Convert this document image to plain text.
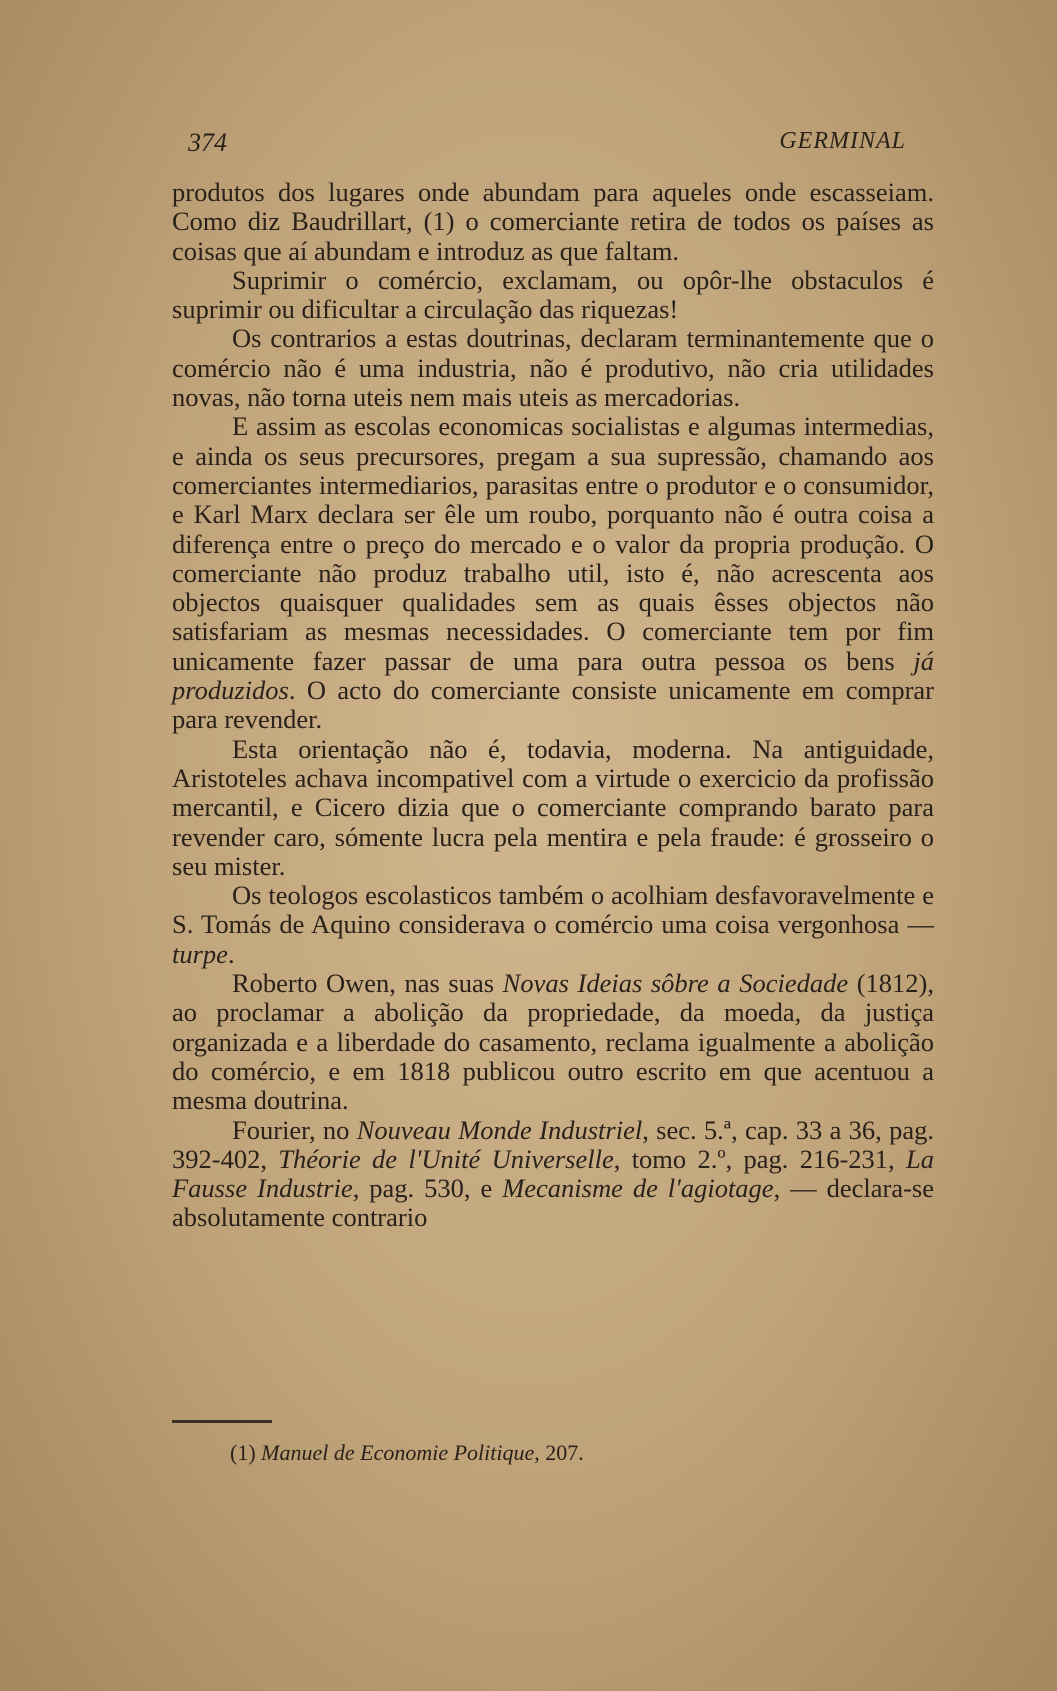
374	GERMINAL

produtos dos lugares onde abundam para aqueles onde escasseiam. Como diz Baudrillart, (1) o comerciante retira de todos os países as coisas que aí abundam e introduz as que faltam.

Suprimir o comércio, exclamam, ou opôr-lhe obstaculos é suprimir ou dificultar a circulação das riquezas!

Os contrarios a estas doutrinas, declaram terminantemente que o comércio não é uma industria, não é produtivo, não cria utilidades novas, não torna uteis nem mais uteis as mercadorias.

E assim as escolas economicas socialistas e algumas intermedias, e ainda os seus precursores, pregam a sua supressão, chamando aos comerciantes intermediarios, parasitas entre o produtor e o consumidor, e Karl Marx declara ser êle um roubo, porquanto não é outra coisa a diferença entre o preço do mercado e o valor da propria produção. O comerciante não produz trabalho util, isto é, não acrescenta aos objectos quaisquer qualidades sem as quais êsses objectos não satisfariam as mesmas necessidades. O comerciante tem por fim unicamente fazer passar de uma para outra pessoa os bens já produzidos. O acto do comerciante consiste unicamente em comprar para revender.

Esta orientação não é, todavia, moderna. Na antiguidade, Aristoteles achava incompativel com a virtude o exercicio da profissão mercantil, e Cicero dizia que o comerciante comprando barato para revender caro, sómente lucra pela mentira e pela fraude: é grosseiro o seu mister.

Os teologos escolasticos também o acolhiam desfavoravelmente e S. Tomás de Aquino considerava o comércio uma coisa vergonhosa — turpe.

Roberto Owen, nas suas Novas Ideias sôbre a Sociedade (1812), ao proclamar a abolição da propriedade, da moeda, da justiça organizada e a liberdade do casamento, reclama igualmente a abolição do comércio, e em 1818 publicou outro escrito em que acentuou a mesma doutrina.

Fourier, no Nouveau Monde Industriel, sec. 5.ª, cap. 33 a 36, pag. 392-402, Théorie de l'Unité Universelle, tomo 2.º, pag. 216-231, La Fausse Industrie, pag. 530, e Mecanisme de l'agiotage, — declara-se absolutamente contrario

(1) Manuel de Economie Politique, 207.
